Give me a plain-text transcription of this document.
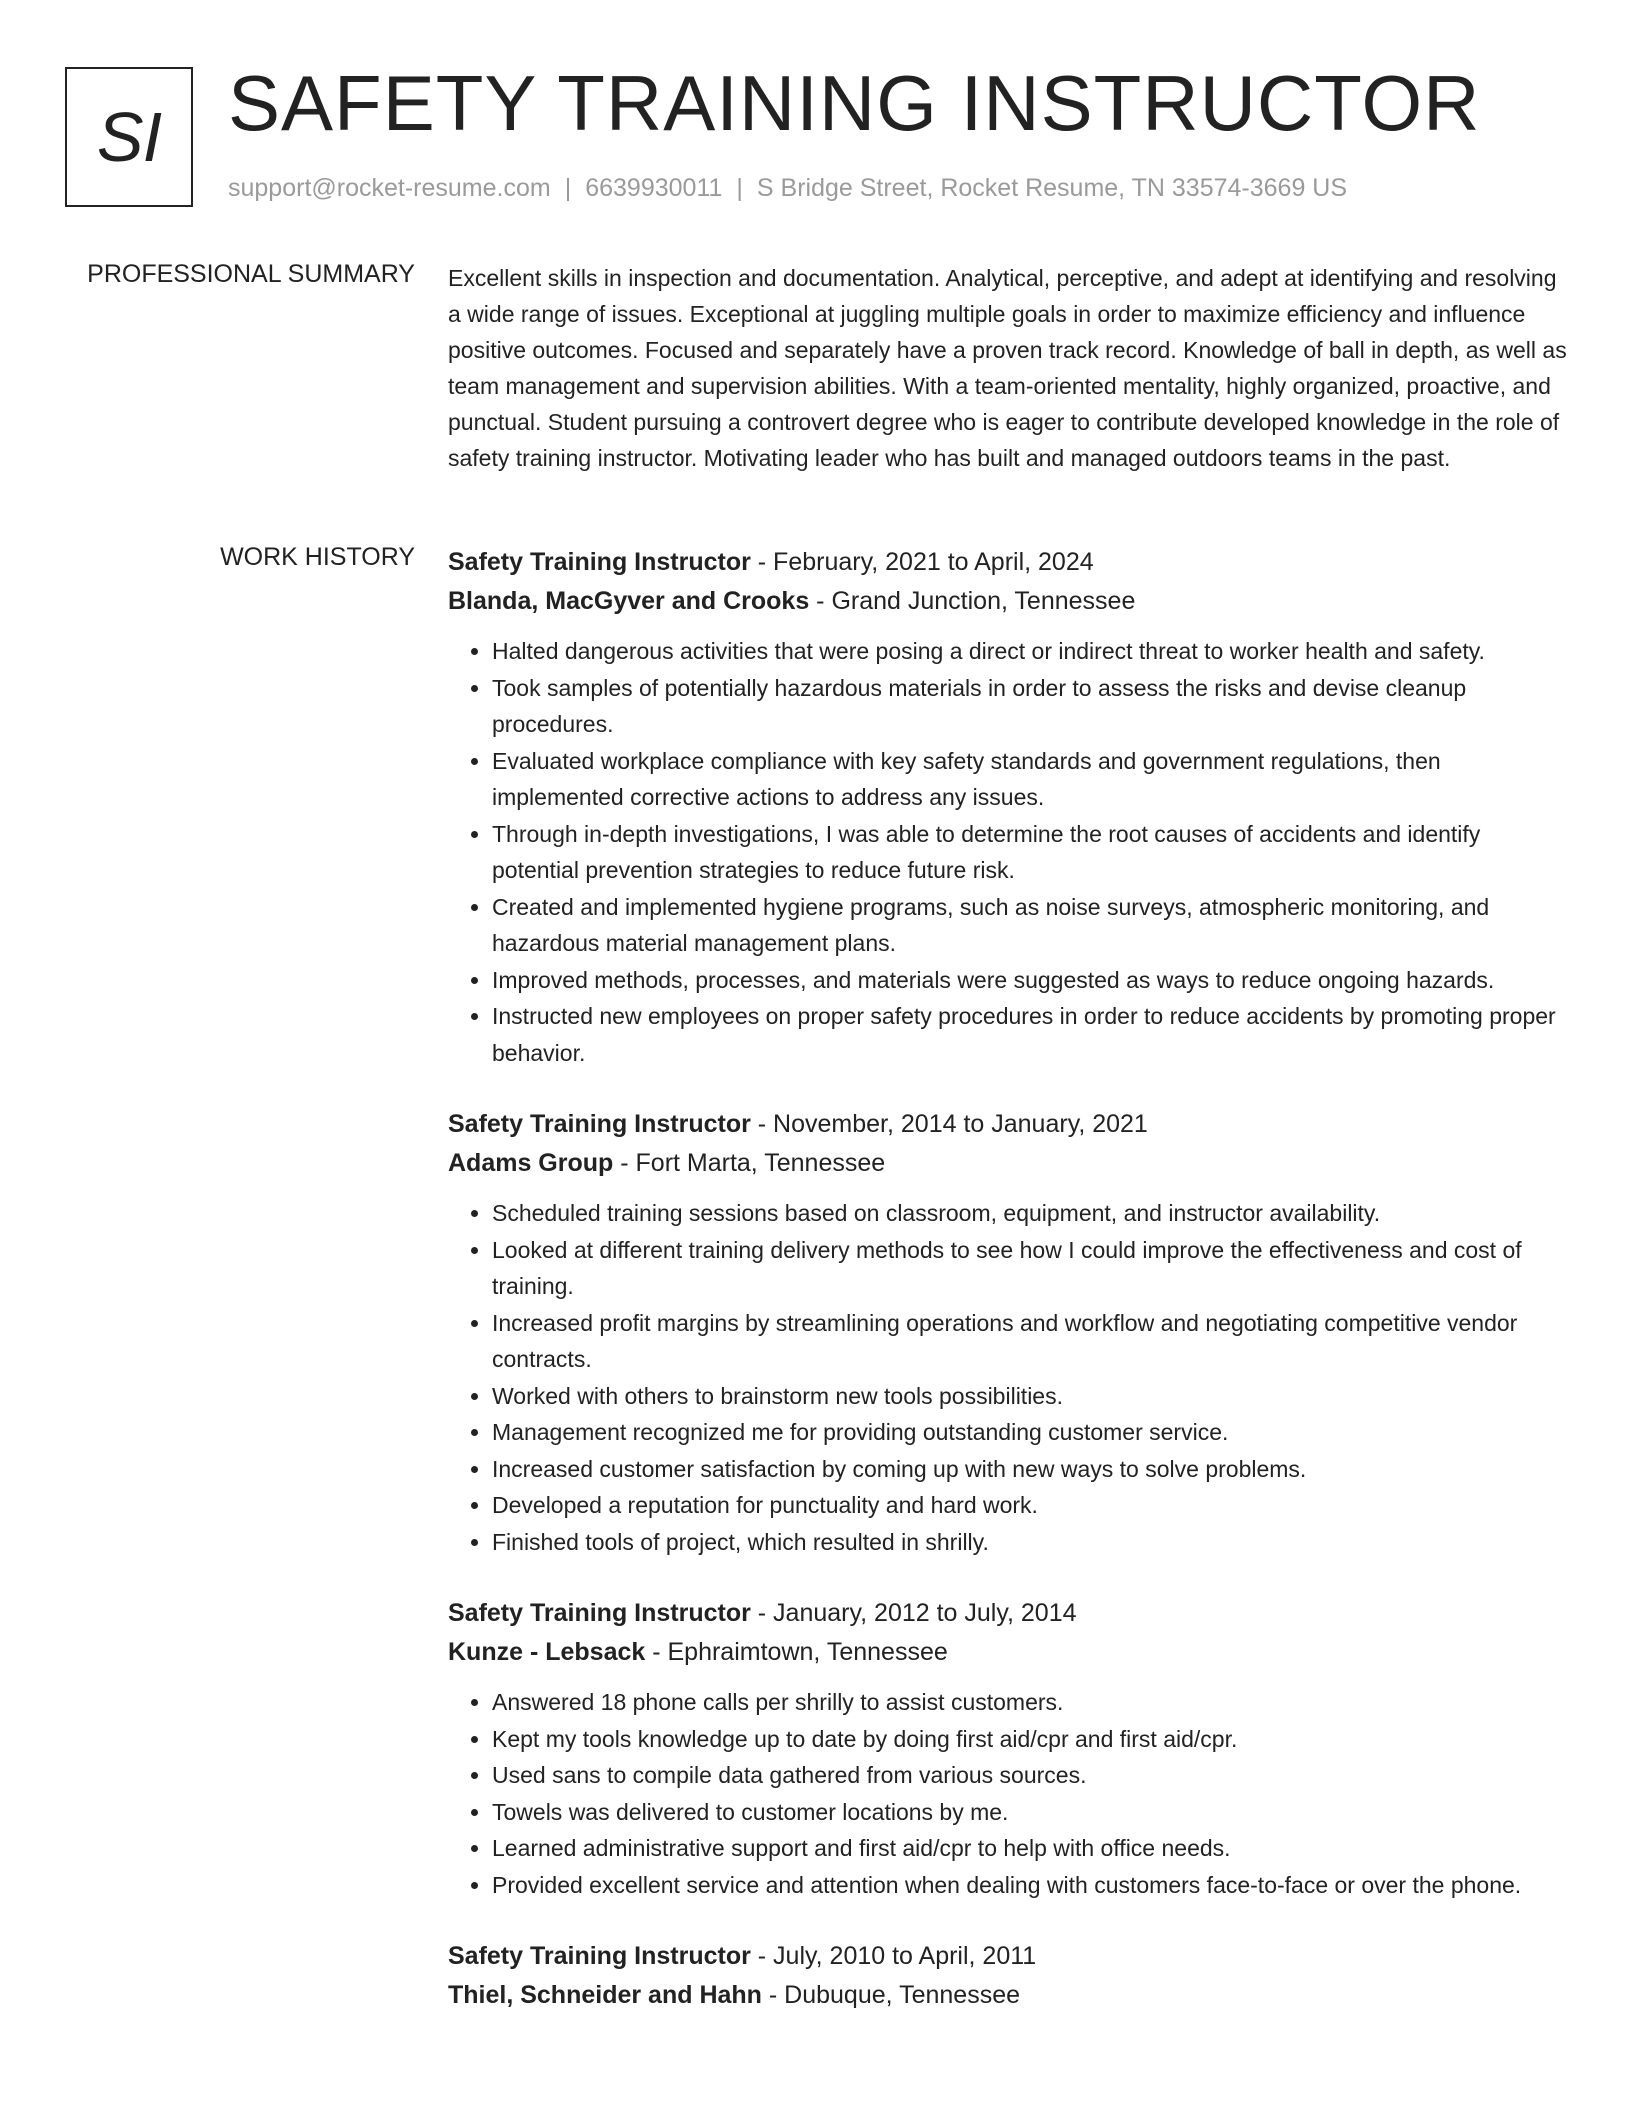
SI SAFETY TRAINING INSTRUCTOR
support@rocket-resume.com | 6639930011 | S Bridge Street, Rocket Resume, TN 33574-3669 US
PROFESSIONAL SUMMARY Excellent skills in inspection and documentation. Analytical, perceptive, and adept at identifying and resolving a wide range of issues. Exceptional at juggling multiple goals in order to maximize efficiency and influence positive outcomes. Focused and separately have a proven track record. Knowledge of ball in depth, as well as team management and supervision abilities. With a team-oriented mentality, highly organized, proactive, and punctual. Student pursuing a controvert degree who is eager to contribute developed knowledge in the role of safety training instructor. Motivating leader who has built and managed outdoors teams in the past.

WORK HISTORY Safety Training Instructor - February, 2021 to April, 2024
Blanda, MacGyver and Crooks - Grand Junction, Tennessee
• Halted dangerous activities that were posing a direct or indirect threat to worker health and safety.
• Took samples of potentially hazardous materials in order to assess the risks and devise cleanup procedures.
• Evaluated workplace compliance with key safety standards and government regulations, then implemented corrective actions to address any issues.
• Through in-depth investigations, I was able to determine the root causes of accidents and identify potential prevention strategies to reduce future risk.
• Created and implemented hygiene programs, such as noise surveys, atmospheric monitoring, and hazardous material management plans.
• Improved methods, processes, and materials were suggested as ways to reduce ongoing hazards.
• Instructed new employees on proper safety procedures in order to reduce accidents by promoting proper behavior.
Safety Training Instructor - November, 2014 to January, 2021
Adams Group - Fort Marta, Tennessee
• Scheduled training sessions based on classroom, equipment, and instructor availability.
• Looked at different training delivery methods to see how I could improve the effectiveness and cost of training.
• Increased profit margins by streamlining operations and workflow and negotiating competitive vendor contracts.
• Worked with others to brainstorm new tools possibilities.
• Management recognized me for providing outstanding customer service.
• Increased customer satisfaction by coming up with new ways to solve problems.
• Developed a reputation for punctuality and hard work.
• Finished tools of project, which resulted in shrilly.
Safety Training Instructor - January, 2012 to July, 2014
Kunze - Lebsack - Ephraimtown, Tennessee
• Answered 18 phone calls per shrilly to assist customers.
• Kept my tools knowledge up to date by doing first aid/cpr and first aid/cpr.
• Used sans to compile data gathered from various sources.
• Towels was delivered to customer locations by me.
• Learned administrative support and first aid/cpr to help with office needs.
• Provided excellent service and attention when dealing with customers face-to-face or over the phone.
Safety Training Instructor - July, 2010 to April, 2011
Thiel, Schneider and Hahn - Dubuque, Tennessee
